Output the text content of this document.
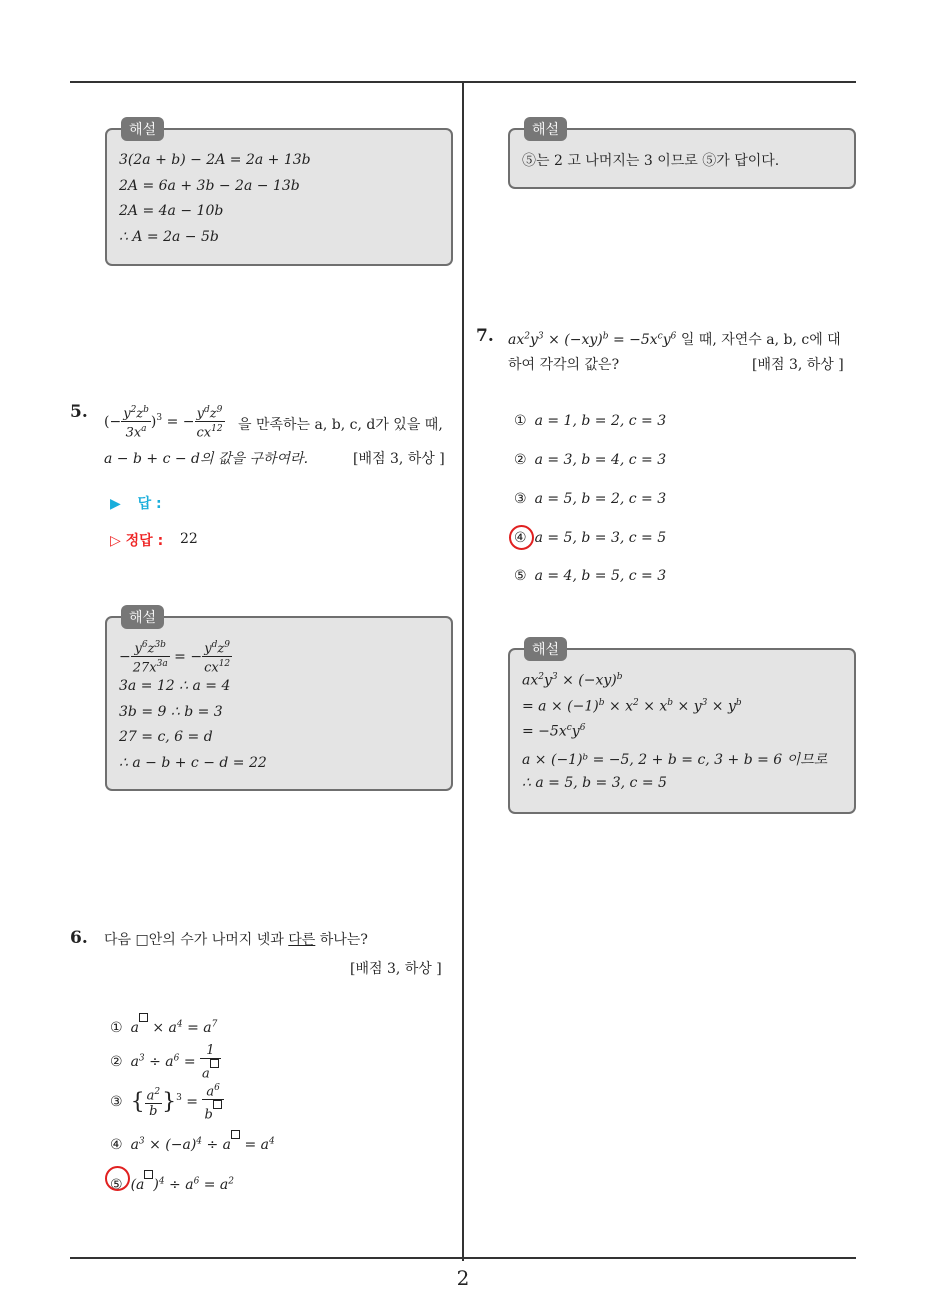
해설
3(2a + b) − 2A = 2a + 13b
2A = 6a + 3b − 2a − 13b
2A = 4a − 10b
∴ A = 2a − 5b
5. (− $\frac{y^2z^b}{3x^a} )^3$ = − $\frac{y^dz^9}{cx^{12}}$ 을 만족하는 a, b, c, d가 있을 때,
a − b + c − d의 값을 구하여라.	[배점 3, 하상 ]
▶ 답 :
▷ 정답 : 22
해설
− $\frac{y^6z^{3b}}{27x^{3a}}$ = − $\frac{y^dz^9}{cx^{12}}$
3a = 12 ∴ a = 4
3b = 9 ∴ b = 3
27 = c, 6 = d
∴ a − b + c − d = 22
6. 다음 □안의 수가 나머지 넷과 다른 하나는?
[배점 3, 하상 ]
① $a \times a^4 = a^7$
② $a^3 \div a^6 = \frac{1}{a}$
③ { $\frac{a^2}{b} \}^3 = \frac{a^6}{b}$
④ $a^3 \times (-a)^4 \div a = a^4$
⑤ (a )$^4 \div a^6 = a^2$
해설
⑤는 2 고 나머지는 3 이므로 ⑤가 답이다.
7. $ax^2y^3 \times (-xy)^b = -5x^cy^6$ 일 때, 자연수 a, b, c에 대
하여 각각의 값은?	[배점 3, 하상 ]
① a = 1, b = 2, c = 3
② a = 3, b = 4, c = 3
③ a = 5, b = 2, c = 3
④ a = 5, b = 3, c = 5
⑤ a = 4, b = 5, c = 3
해설
$ax^2y^3 \times (-xy)^b$
= $a \times (-1)^b \times x^2 \times x^b \times y^3 \times y^b$
= $-5x^cy^6$
a × (−1)ᵇ = −5, 2 + b = c, 3 + b = 6 이므로
∴ a = 5, b = 3, c = 5
2
